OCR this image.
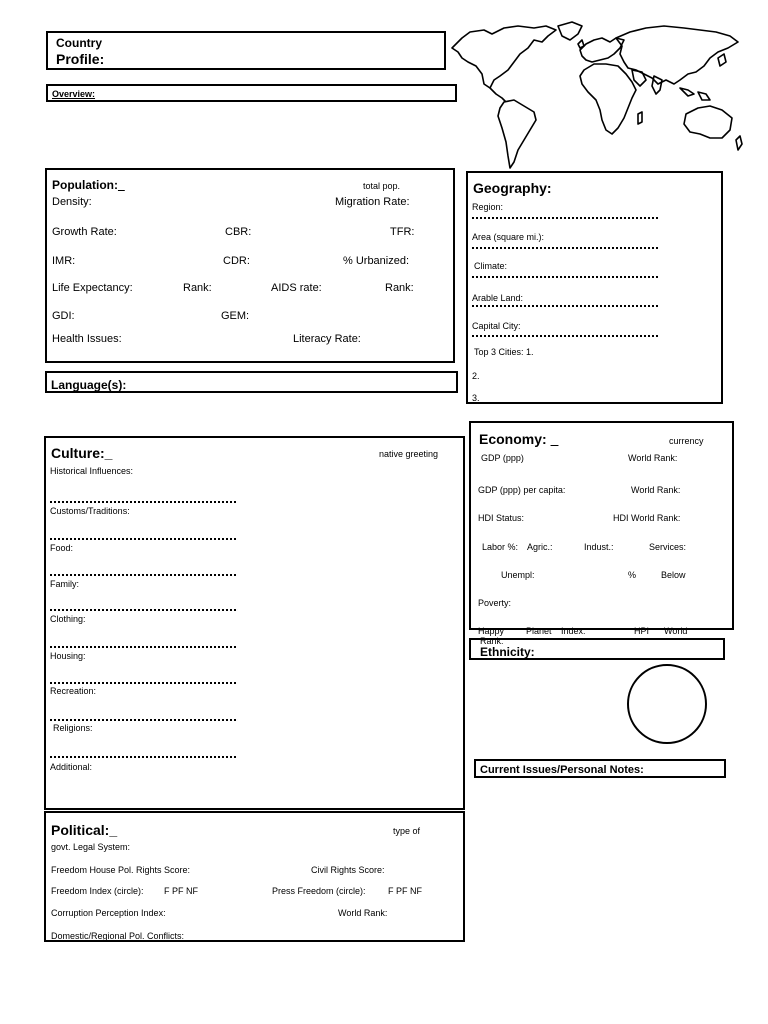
Country
Profile:
Overview:
Population:_	total pop.
Density:	Migration Rate:
Growth Rate:	CBR:	TFR:
IMR:	CDR:	% Urbanized:
Life Expectancy:	Rank:	AIDS rate:	Rank:
GDI:	GEM:
Health Issues:	Literacy Rate:
Language(s):
Geography:
Region:
Area (square mi.):
Climate:
Arable Land:
Capital City:
Top 3 Cities: 1.
2.
3.
Culture:_	native greeting
Historical Influences:
Customs/Traditions:
Food:
Family:
Clothing:
Housing:
Recreation:
Religions:
Additional:
Economy: _	currency
GDP (ppp)	World Rank:
GDP (ppp) per capita:	World Rank:
HDI Status:	HDI World Rank:
Labor %: Agric.:	Indust.:	Services:
Unempl:	%	Below
Poverty:
Happy Planet Index:	HPI World
Rank:
Ethnicity:
Current Issues/Personal Notes:
Political:_	type of
govt. Legal System:
Freedom House Pol. Rights Score:	Civil Rights Score:
Freedom Index (circle): F PF NF	Press Freedom (circle): F PF NF
Corruption Perception Index:	World Rank:
Domestic/Regional Pol. Conflicts:
